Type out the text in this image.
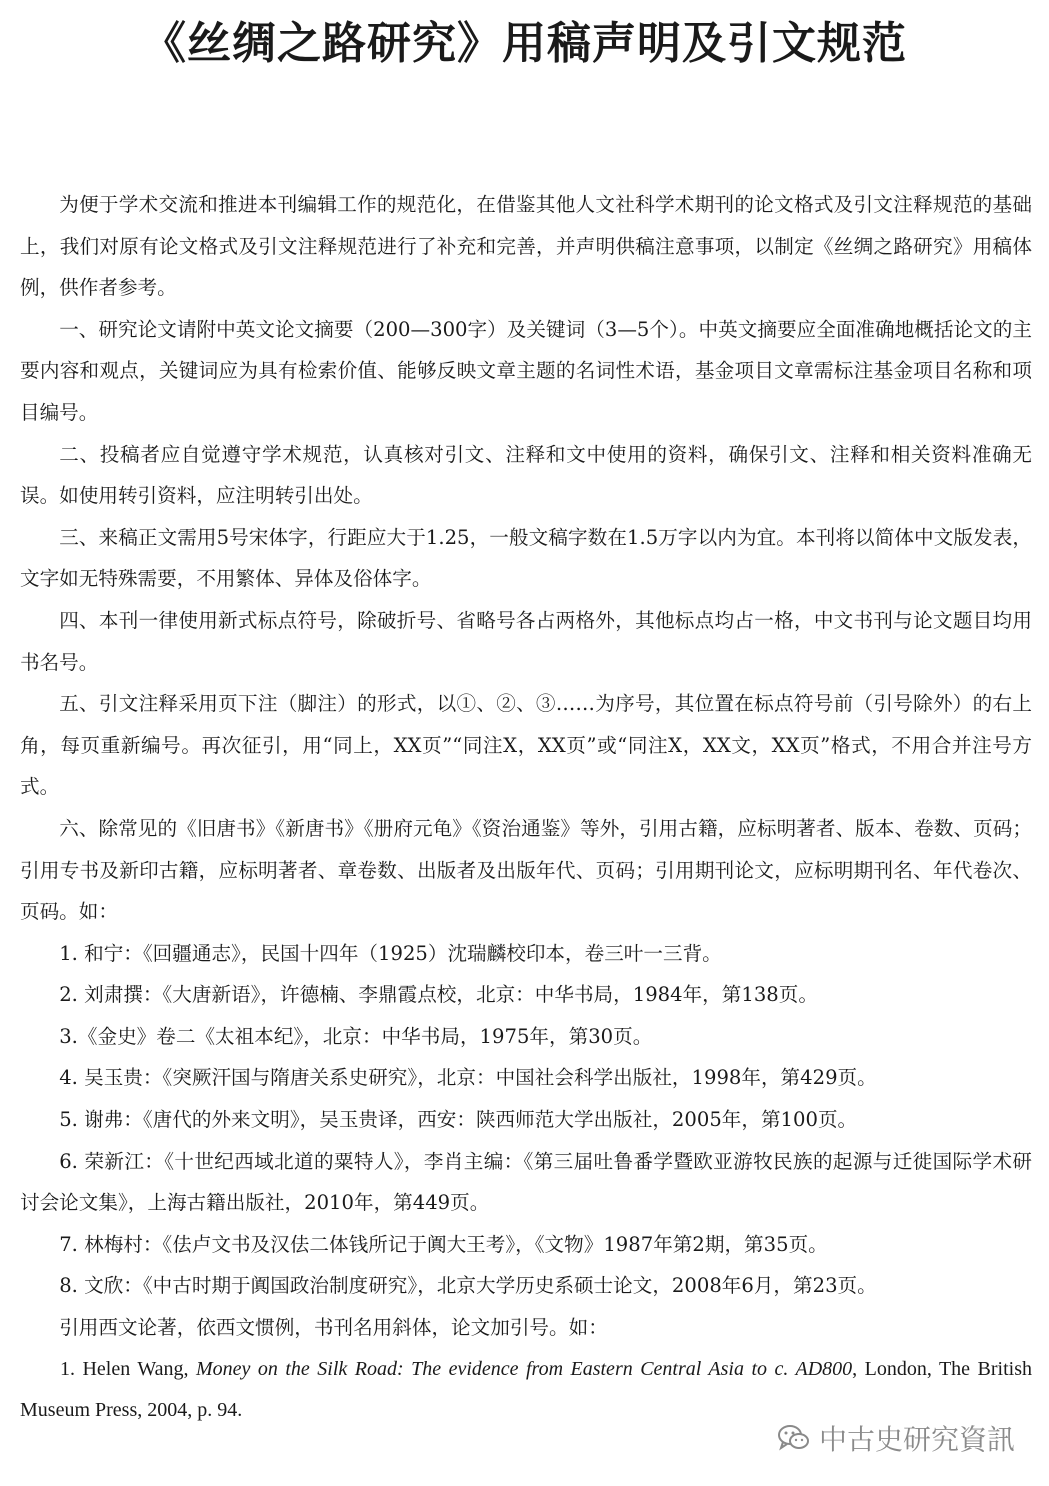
《丝绸之路研究》用稿声明及引文规范

为便于学术交流和推进本刊编辑工作的规范化，在借鉴其他人文社科学术期刊的论文格式及引文注释规范的基础上，我们对原有论文格式及引文注释规范进行了补充和完善，并声明供稿注意事项，以制定《丝绸之路研究》用稿体例，供作者参考。

一、研究论文请附中英文论文摘要（200—300字）及关键词（3—5个）。中英文摘要应全面准确地概括论文的主要内容和观点，关键词应为具有检索价值、能够反映文章主题的名词性术语，基金项目文章需标注基金项目名称和项目编号。

二、投稿者应自觉遵守学术规范，认真核对引文、注释和文中使用的资料，确保引文、注释和相关资料准确无误。如使用转引资料，应注明转引出处。

三、来稿正文需用5号宋体字，行距应大于1.25，一般文稿字数在1.5万字以内为宜。本刊将以简体中文版发表，文字如无特殊需要，不用繁体、异体及俗体字。

四、本刊一律使用新式标点符号，除破折号、省略号各占两格外，其他标点均占一格，中文书刊与论文题目均用书名号。

五、引文注释采用页下注（脚注）的形式，以①、②、③……为序号，其位置在标点符号前（引号除外）的右上角，每页重新编号。再次征引，用“同上，XX页”“同注X，XX页”或“同注X，XX文，XX页”格式，不用合并注号方式。

六、除常见的《旧唐书》《新唐书》《册府元龟》《资治通鉴》等外，引用古籍，应标明著者、版本、卷数、页码；引用专书及新印古籍，应标明著者、章卷数、出版者及出版年代、页码；引用期刊论文，应标明期刊名、年代卷次、页码。如：

1. 和宁：《回疆通志》，民国十四年（1925）沈瑞麟校印本，卷三叶一三背。

2. 刘肃撰：《大唐新语》，许德楠、李鼎霞点校，北京：中华书局，1984年，第138页。

3.《金史》卷二《太祖本纪》，北京：中华书局，1975年，第30页。

4. 吴玉贵：《突厥汗国与隋唐关系史研究》，北京：中国社会科学出版社，1998年，第429页。

5. 谢弗：《唐代的外来文明》，吴玉贵译，西安：陕西师范大学出版社，2005年，第100页。

6. 荣新江：《十世纪西域北道的粟特人》，李肖主编：《第三届吐鲁番学暨欧亚游牧民族的起源与迁徙国际学术研讨会论文集》，上海古籍出版社，2010年，第449页。

7. 林梅村：《佉卢文书及汉佉二体钱所记于阗大王考》，《文物》1987年第2期，第35页。

8. 文欣：《中古时期于阗国政治制度研究》，北京大学历史系硕士论文，2008年6月，第23页。

引用西文论著，依西文惯例，书刊名用斜体，论文加引号。如：

1. Helen Wang, Money on the Silk Road: The evidence from Eastern Central Asia to c. AD800, London, The British Museum Press, 2004, p. 94.

中古史研究資訊
